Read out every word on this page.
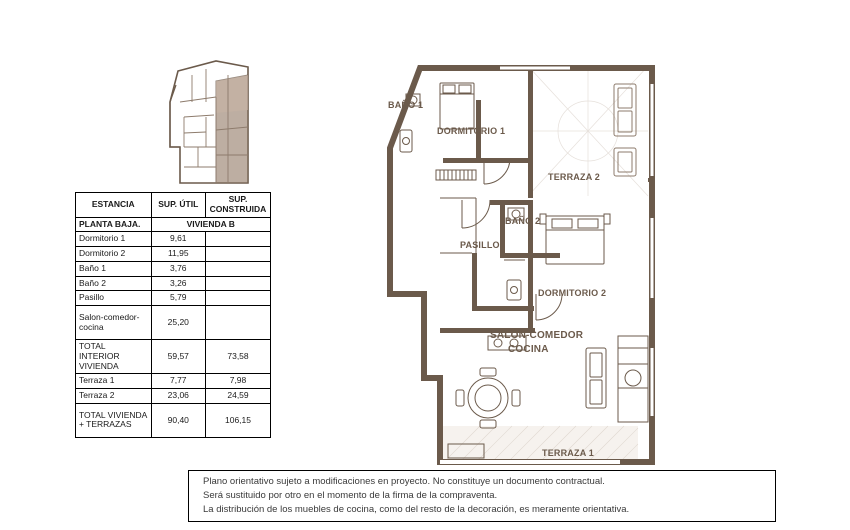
ESTANCIA	SUP. ÚTIL	SUP. CONSTRUIDA
PLANTA BAJA.	VIVIENDA B	
Dormitorio 1	9,61	
Dormitorio 2	11,95	
Baño 1	3,76	
Baño 2	3,26	
Pasillo	5,79	
Salon-comedor-cocina	25,20	
TOTAL INTERIOR VIVIENDA	59,57	73,58
Terraza 1	7,77	7,98
Terraza 2	23,06	24,59
TOTAL VIVIENDA + TERRAZAS	90,40	106,15
BAÑO 1
DORMITORIO 1
TERRAZA 2
BAÑO 2
PASILLO
DORMITORIO 2
SALÓN-COMEDOR
COCINA
TERRAZA 1
Plano orientativo sujeto a modificaciones en proyecto. No constituye un documento contractual.
Será sustituido por otro en el momento de la firma de la compraventa.
La distribución de los muebles de cocina, como del resto de la decoración, es meramente orientativa.
